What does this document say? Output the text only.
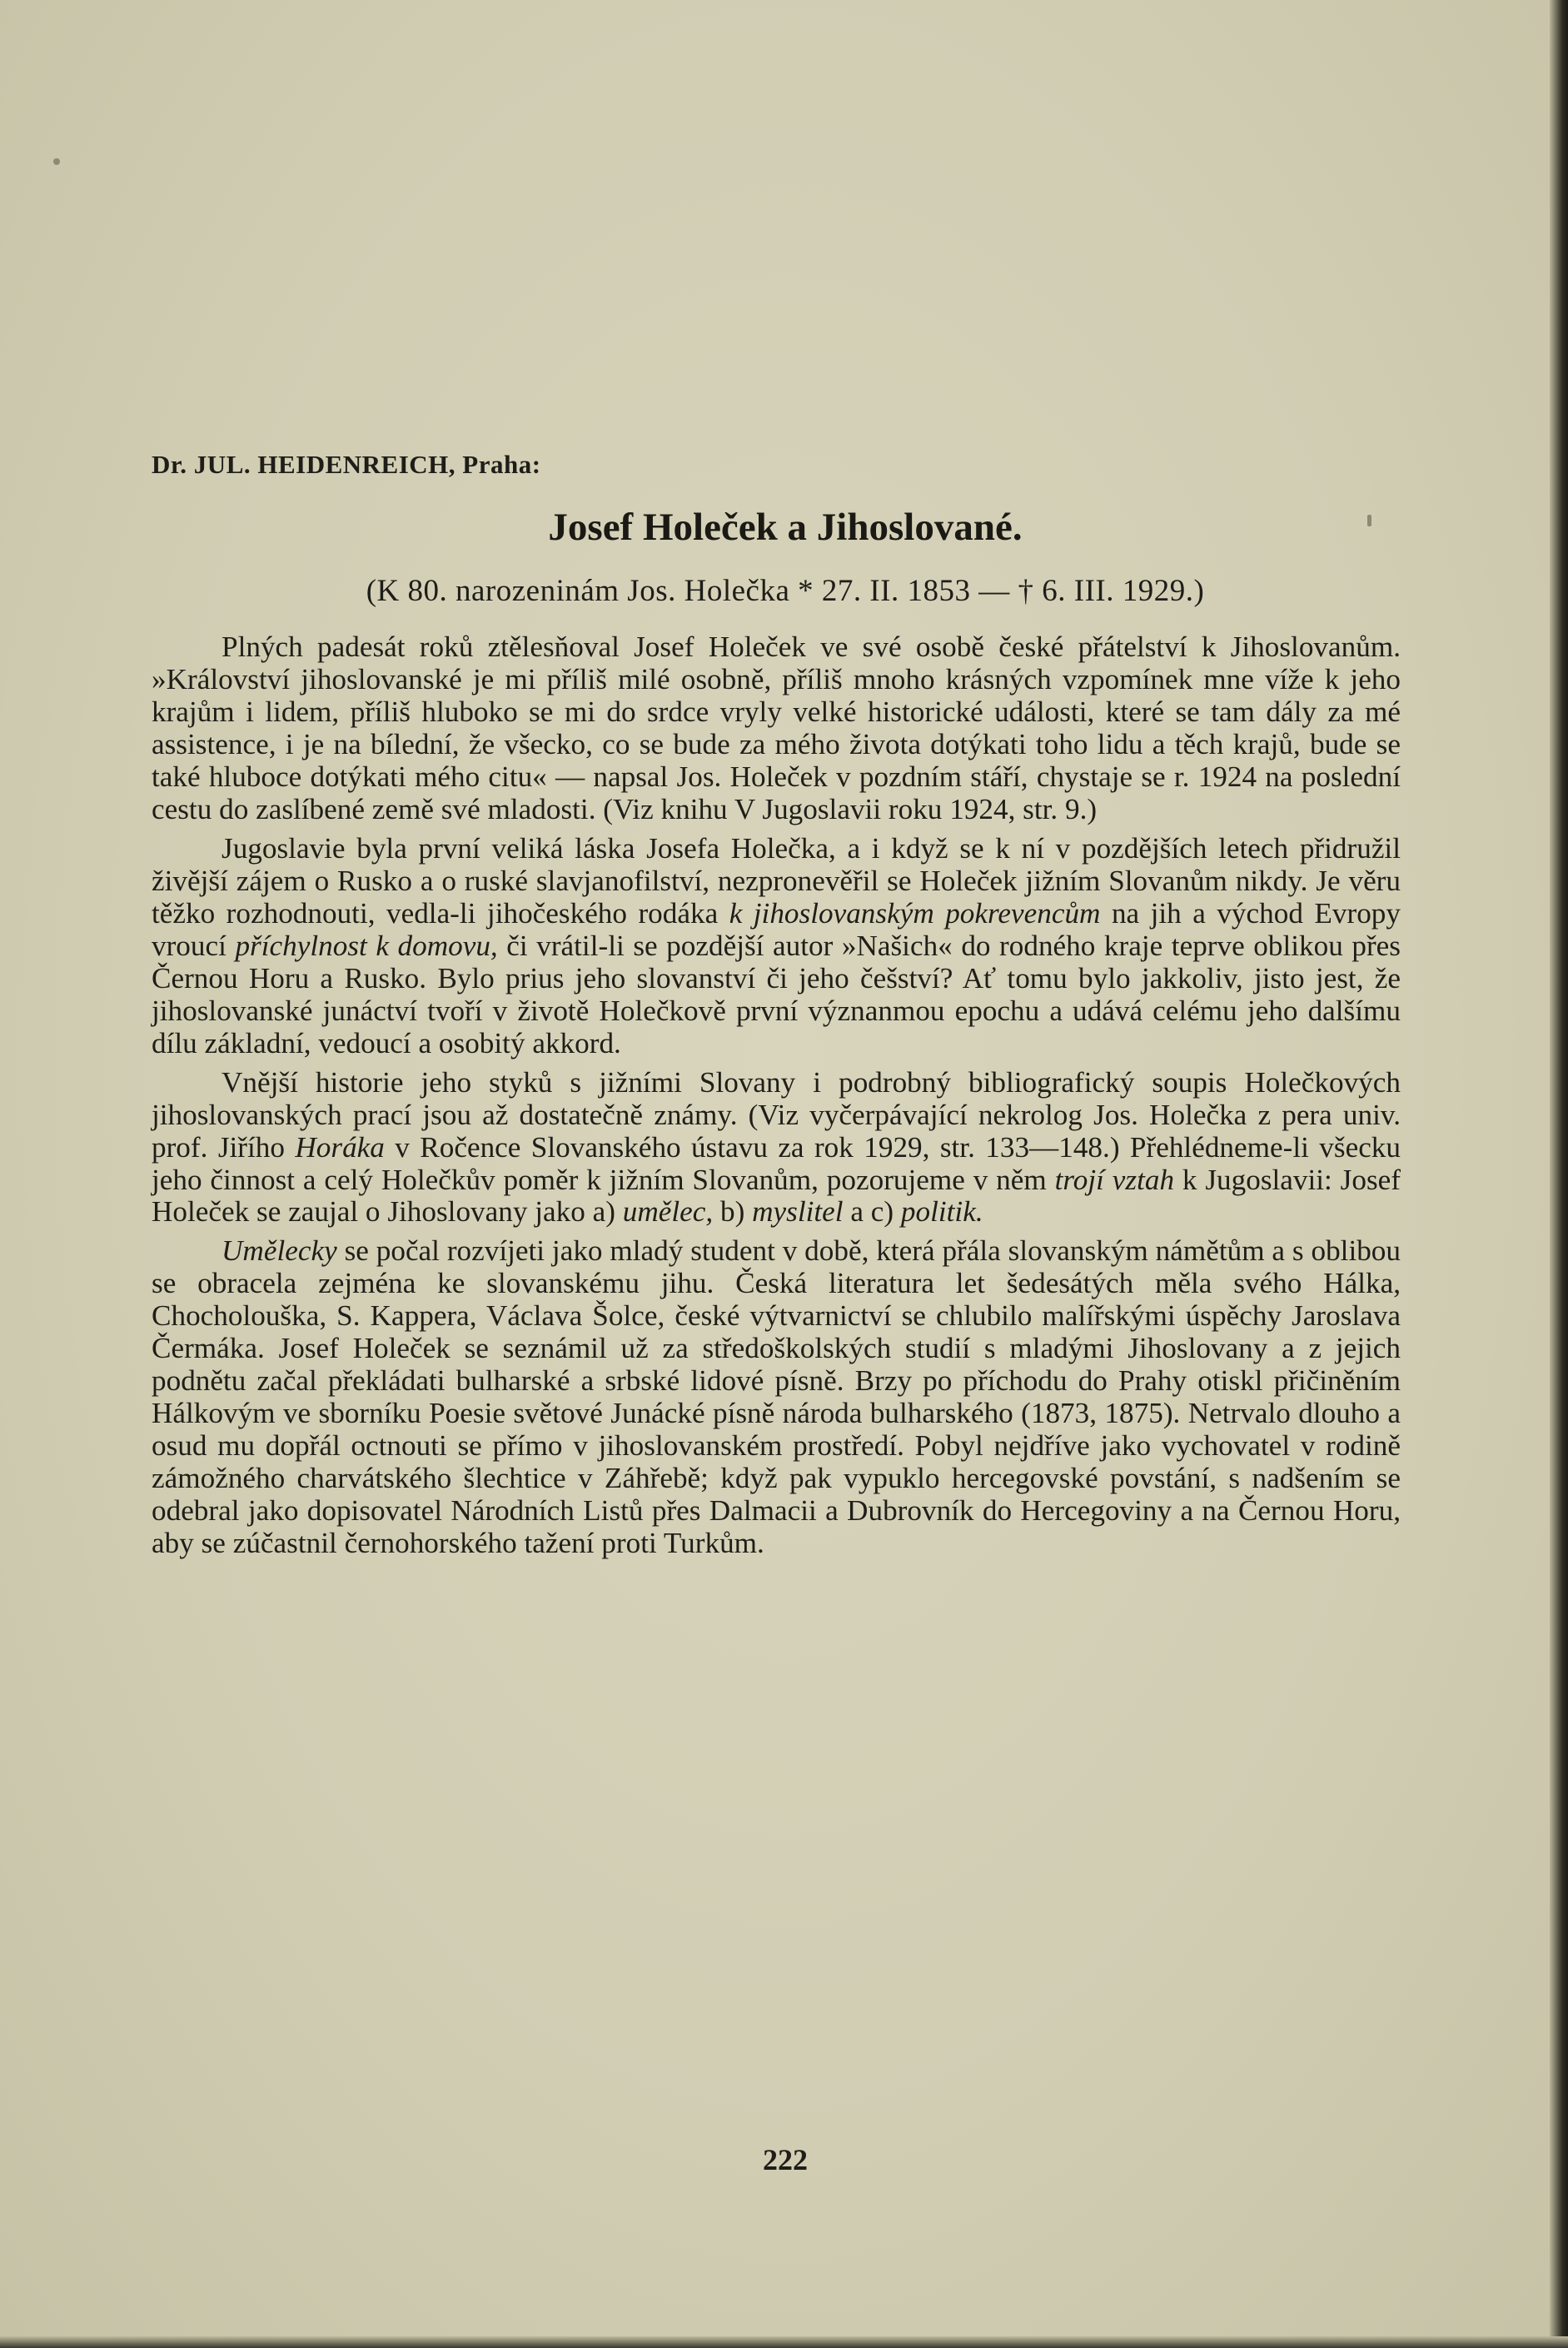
Dr. JUL. HEIDENREICH, Praha:
Josef Holeček a Jihoslované.
(K 80. narozeninám Jos. Holečka * 27. II. 1853 — † 6. III. 1929.)

Plných padesát roků ztělesňoval Josef Holeček ve své osobě české přátelství k Jihoslovanům. »Království jihoslovanské je mi příliš milé osobně, příliš mnoho krásných vzpomínek mne víže k jeho krajům i lidem, příliš hluboko se mi do srdce vryly velké historické události, které se tam dály za mé assistence, i je na bílední, že všecko, co se bude za mého života dotýkati toho lidu a těch krajů, bude se také hluboce dotýkati mého citu« — napsal Jos. Holeček v pozdním stáří, chystaje se r. 1924 na poslední cestu do zaslíbené země své mladosti. (Viz knihu V Jugoslavii roku 1924, str. 9.)

Jugoslavie byla první veliká láska Josefa Holečka, a i když se k ní v pozdějších letech přidružil živější zájem o Rusko a o ruské slavjanofilství, nezpronevěřil se Holeček jižním Slovanům nikdy. Je věru těžko rozhodnouti, vedla-li jihočeského rodáka k jihoslovanským pokrevencům na jih a východ Evropy vroucí příchylnost k domovu, či vrátil-li se pozdější autor »Našich« do rodného kraje teprve oblikou přes Černou Horu a Rusko. Bylo prius jeho slovanství či jeho češství? Ať tomu bylo jakkoliv, jisto jest, že jihoslovanské junáctví tvoří v životě Holečkově první význanmou epochu a udává celému jeho dalšímu dílu základní, vedoucí a osobitý akkord.

Vnější historie jeho styků s jižními Slovany i podrobný bibliografický soupis Holečkových jihoslovanských prací jsou až dostatečně známy. (Viz vyčerpávající nekrolog Jos. Holečka z pera univ. prof. Jiřího Horáka v Ročence Slovanského ústavu za rok 1929, str. 133—148.) Přehlédneme-li všecku jeho činnost a celý Holečkův poměr k jižním Slovanům, pozorujeme v něm trojí vztah k Jugoslavii: Josef Holeček se zaujal o Jihoslovany jako a) umělec, b) myslitel a c) politik.

Umělecky se počal rozvíjeti jako mladý student v době, která přála slovanským námětům a s oblibou se obracela zejména ke slovanskému jihu. Česká literatura let šedesátých měla svého Hálka, Chocholouška, S. Kappera, Václava Šolce, české výtvarnictví se chlubilo malířskými úspěchy Jaroslava Čermáka. Josef Holeček se seznámil už za středoškolských studií s mladými Jihoslovany a z jejich podnětu začal překládati bulharské a srbské lidové písně. Brzy po příchodu do Prahy otiskl přičiněním Hálkovým ve sborníku Poesie světové Junácké písně národa bulharského (1873, 1875). Netrvalo dlouho a osud mu dopřál octnouti se přímo v jihoslovanském prostředí. Pobyl nejdříve jako vychovatel v rodině zámožného charvátského šlechtice v Záhřebě; když pak vypuklo hercegovské povstání, s nadšením se odebral jako dopisovatel Národních Listů přes Dalmacii a Dubrovník do Hercegoviny a na Černou Horu, aby se zúčastnil černohorského tažení proti Turkům.

222
